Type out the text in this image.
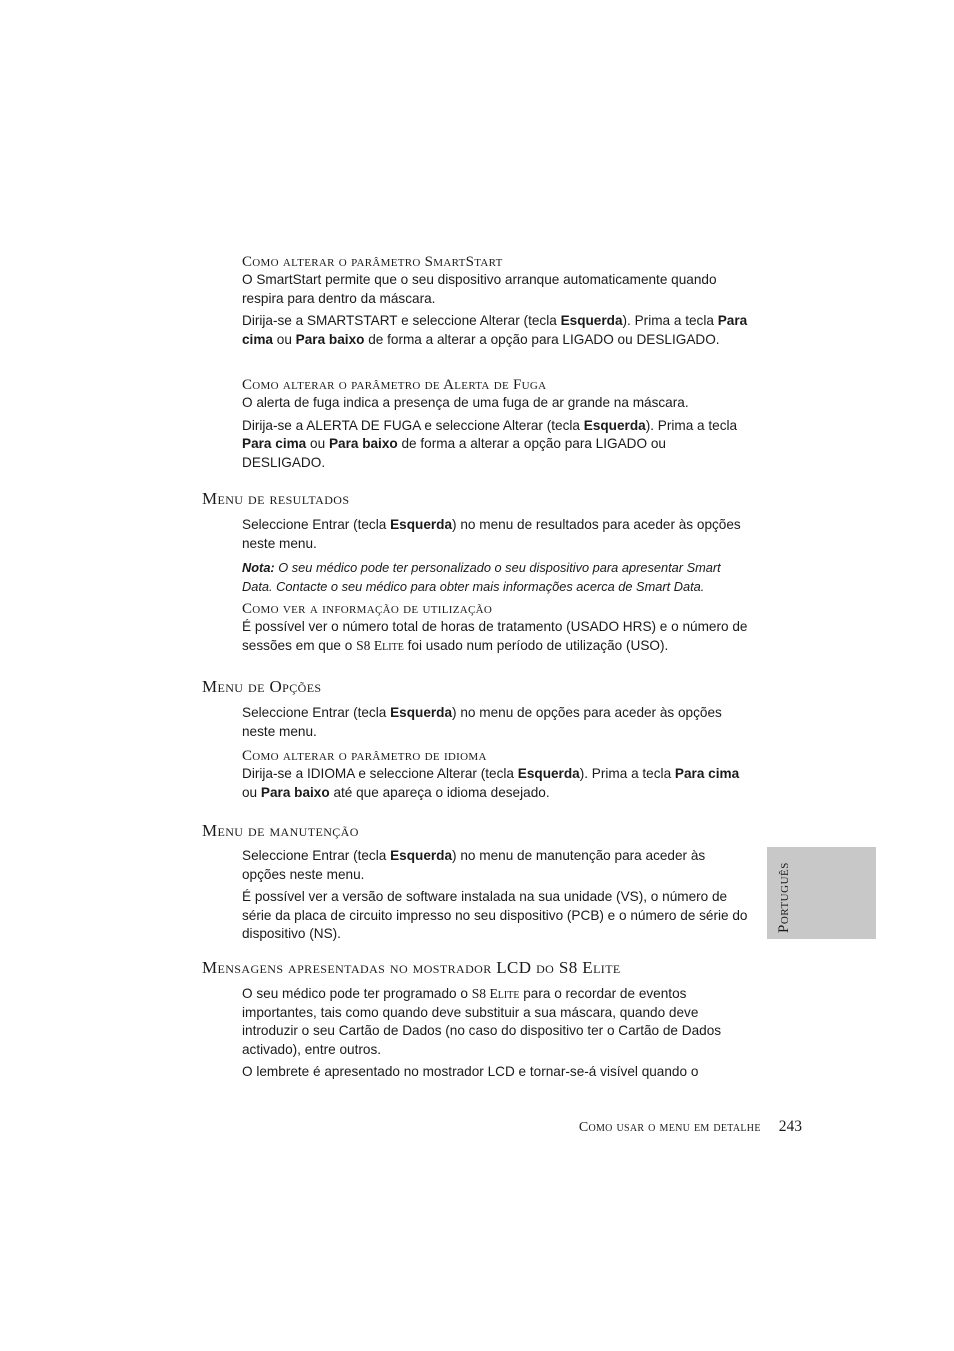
Como alterar o parâmetro SmartStart

O SmartStart permite que o seu dispositivo arranque automaticamente quando respira para dentro da máscara.

Dirija-se a SMARTSTART e seleccione Alterar (tecla Esquerda). Prima a tecla Para cima ou Para baixo de forma a alterar a opção para LIGADO ou DESLIGADO.

Como alterar o parâmetro de Alerta de Fuga

O alerta de fuga indica a presença de uma fuga de ar grande na máscara.

Dirija-se a ALERTA DE FUGA e seleccione Alterar (tecla Esquerda). Prima a tecla Para cima ou Para baixo de forma a alterar a opção para LIGADO ou DESLIGADO.

Menu de resultados

Seleccione Entrar (tecla Esquerda) no menu de resultados para aceder às opções neste menu.

Nota: O seu médico pode ter personalizado o seu dispositivo para apresentar Smart Data. Contacte o seu médico para obter mais informações acerca de Smart Data.

Como ver a informação de utilização

É possível ver o número total de horas de tratamento (USADO HRS) e o número de sessões em que o S8 Elite foi usado num período de utilização (USO).

Menu de Opções

Seleccione Entrar (tecla Esquerda) no menu de opções para aceder às opções neste menu.

Como alterar o parâmetro de idioma

Dirija-se a IDIOMA e seleccione Alterar (tecla Esquerda). Prima a tecla Para cima ou Para baixo até que apareça o idioma desejado.

Menu de manutenção

Seleccione Entrar (tecla Esquerda) no menu de manutenção para aceder às opções neste menu.

É possível ver a versão de software instalada na sua unidade (VS), o número de série da placa de circuito impresso no seu dispositivo (PCB) e o número de série do dispositivo (NS).

Português
Mensagens apresentadas no mostrador LCD do S8 Elite

O seu médico pode ter programado o S8 Elite para o recordar de eventos importantes, tais como quando deve substituir a sua máscara, quando deve introduzir o seu Cartão de Dados (no caso do dispositivo ter o Cartão de Dados activado), entre outros.

O lembrete é apresentado no mostrador LCD e tornar-se-á visível quando o

Como usar o menu em detalhe 243
